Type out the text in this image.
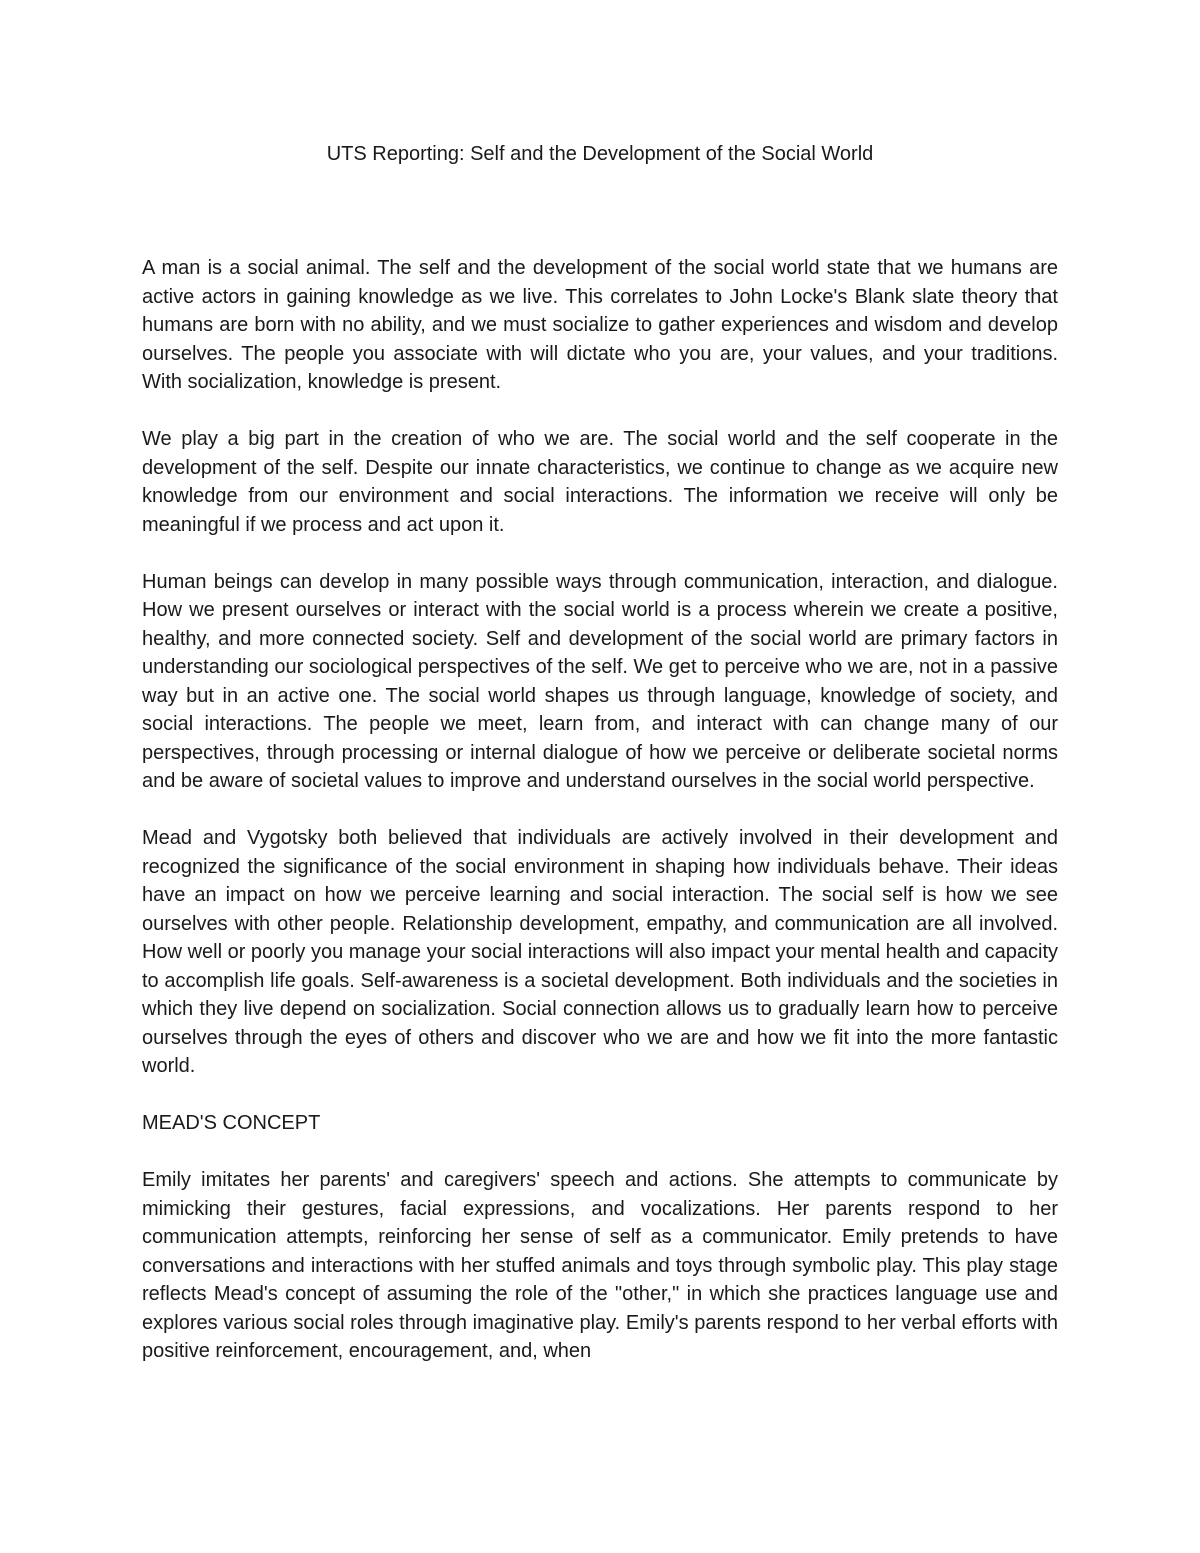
UTS Reporting: Self and the Development of the Social World

A man is a social animal. The self and the development of the social world state that we humans are active actors in gaining knowledge as we live. This correlates to John Locke's Blank slate theory that humans are born with no ability, and we must socialize to gather experiences and wisdom and develop ourselves. The people you associate with will dictate who you are, your values, and your traditions. With socialization, knowledge is present.

We play a big part in the creation of who we are. The social world and the self cooperate in the development of the self. Despite our innate characteristics, we continue to change as we acquire new knowledge from our environment and social interactions. The information we receive will only be meaningful if we process and act upon it.

Human beings can develop in many possible ways through communication, interaction, and dialogue. How we present ourselves or interact with the social world is a process wherein we create a positive, healthy, and more connected society. Self and development of the social world are primary factors in understanding our sociological perspectives of the self. We get to perceive who we are, not in a passive way but in an active one. The social world shapes us through language, knowledge of society, and social interactions. The people we meet, learn from, and interact with can change many of our perspectives, through processing or internal dialogue of how we perceive or deliberate societal norms and be aware of societal values to improve and understand ourselves in the social world perspective.

Mead and Vygotsky both believed that individuals are actively involved in their development and recognized the significance of the social environment in shaping how individuals behave. Their ideas have an impact on how we perceive learning and social interaction. The social self is how we see ourselves with other people. Relationship development, empathy, and communication are all involved. How well or poorly you manage your social interactions will also impact your mental health and capacity to accomplish life goals. Self-awareness is a societal development. Both individuals and the societies in which they live depend on socialization. Social connection allows us to gradually learn how to perceive ourselves through the eyes of others and discover who we are and how we fit into the more fantastic world.

MEAD'S CONCEPT

Emily imitates her parents' and caregivers' speech and actions. She attempts to communicate by mimicking their gestures, facial expressions, and vocalizations. Her parents respond to her communication attempts, reinforcing her sense of self as a communicator. Emily pretends to have conversations and interactions with her stuffed animals and toys through symbolic play. This play stage reflects Mead's concept of assuming the role of the "other," in which she practices language use and explores various social roles through imaginative play. Emily's parents respond to her verbal efforts with positive reinforcement, encouragement, and, when
